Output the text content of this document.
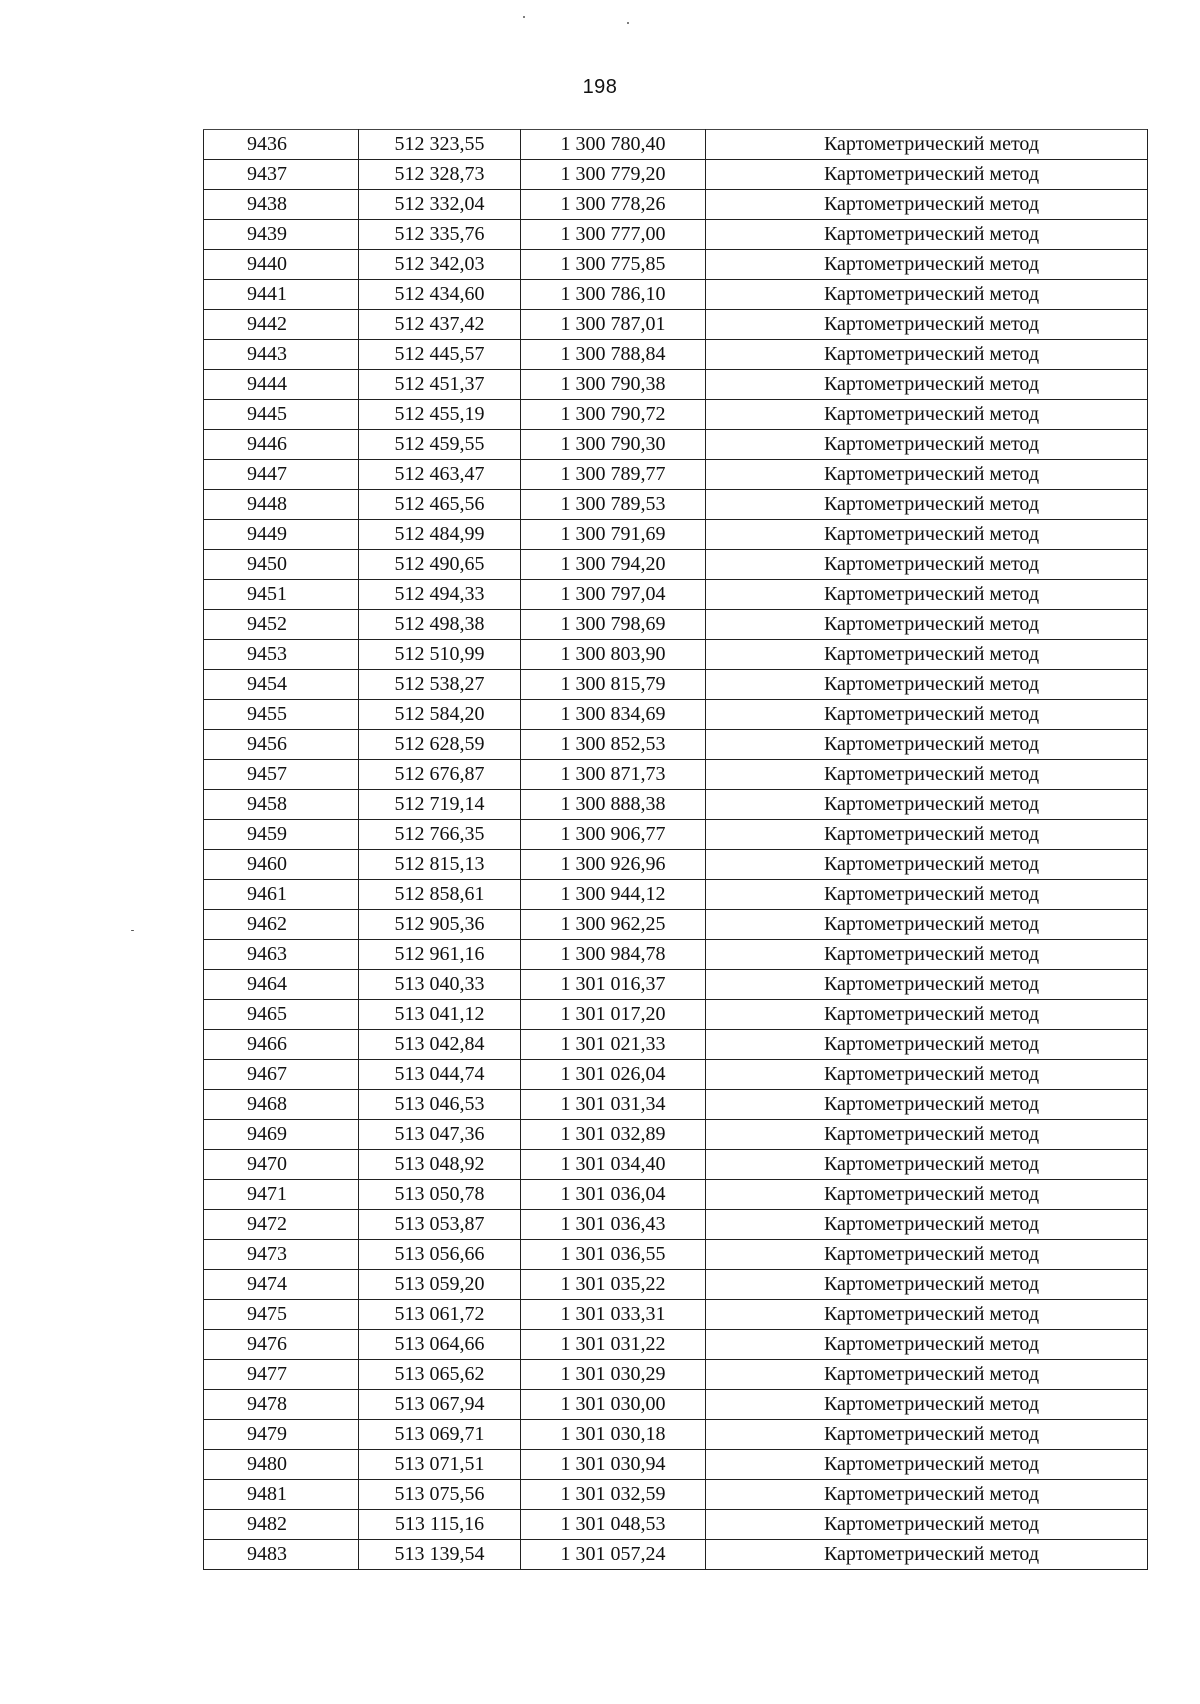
198
9436	512 323,55	1 300 780,40	Картометрический метод
9437	512 328,73	1 300 779,20	Картометрический метод
9438	512 332,04	1 300 778,26	Картометрический метод
9439	512 335,76	1 300 777,00	Картометрический метод
9440	512 342,03	1 300 775,85	Картометрический метод
9441	512 434,60	1 300 786,10	Картометрический метод
9442	512 437,42	1 300 787,01	Картометрический метод
9443	512 445,57	1 300 788,84	Картометрический метод
9444	512 451,37	1 300 790,38	Картометрический метод
9445	512 455,19	1 300 790,72	Картометрический метод
9446	512 459,55	1 300 790,30	Картометрический метод
9447	512 463,47	1 300 789,77	Картометрический метод
9448	512 465,56	1 300 789,53	Картометрический метод
9449	512 484,99	1 300 791,69	Картометрический метод
9450	512 490,65	1 300 794,20	Картометрический метод
9451	512 494,33	1 300 797,04	Картометрический метод
9452	512 498,38	1 300 798,69	Картометрический метод
9453	512 510,99	1 300 803,90	Картометрический метод
9454	512 538,27	1 300 815,79	Картометрический метод
9455	512 584,20	1 300 834,69	Картометрический метод
9456	512 628,59	1 300 852,53	Картометрический метод
9457	512 676,87	1 300 871,73	Картометрический метод
9458	512 719,14	1 300 888,38	Картометрический метод
9459	512 766,35	1 300 906,77	Картометрический метод
9460	512 815,13	1 300 926,96	Картометрический метод
9461	512 858,61	1 300 944,12	Картометрический метод
9462	512 905,36	1 300 962,25	Картометрический метод
9463	512 961,16	1 300 984,78	Картометрический метод
9464	513 040,33	1 301 016,37	Картометрический метод
9465	513 041,12	1 301 017,20	Картометрический метод
9466	513 042,84	1 301 021,33	Картометрический метод
9467	513 044,74	1 301 026,04	Картометрический метод
9468	513 046,53	1 301 031,34	Картометрический метод
9469	513 047,36	1 301 032,89	Картометрический метод
9470	513 048,92	1 301 034,40	Картометрический метод
9471	513 050,78	1 301 036,04	Картометрический метод
9472	513 053,87	1 301 036,43	Картометрический метод
9473	513 056,66	1 301 036,55	Картометрический метод
9474	513 059,20	1 301 035,22	Картометрический метод
9475	513 061,72	1 301 033,31	Картометрический метод
9476	513 064,66	1 301 031,22	Картометрический метод
9477	513 065,62	1 301 030,29	Картометрический метод
9478	513 067,94	1 301 030,00	Картометрический метод
9479	513 069,71	1 301 030,18	Картометрический метод
9480	513 071,51	1 301 030,94	Картометрический метод
9481	513 075,56	1 301 032,59	Картометрический метод
9482	513 115,16	1 301 048,53	Картометрический метод
9483	513 139,54	1 301 057,24	Картометрический метод
